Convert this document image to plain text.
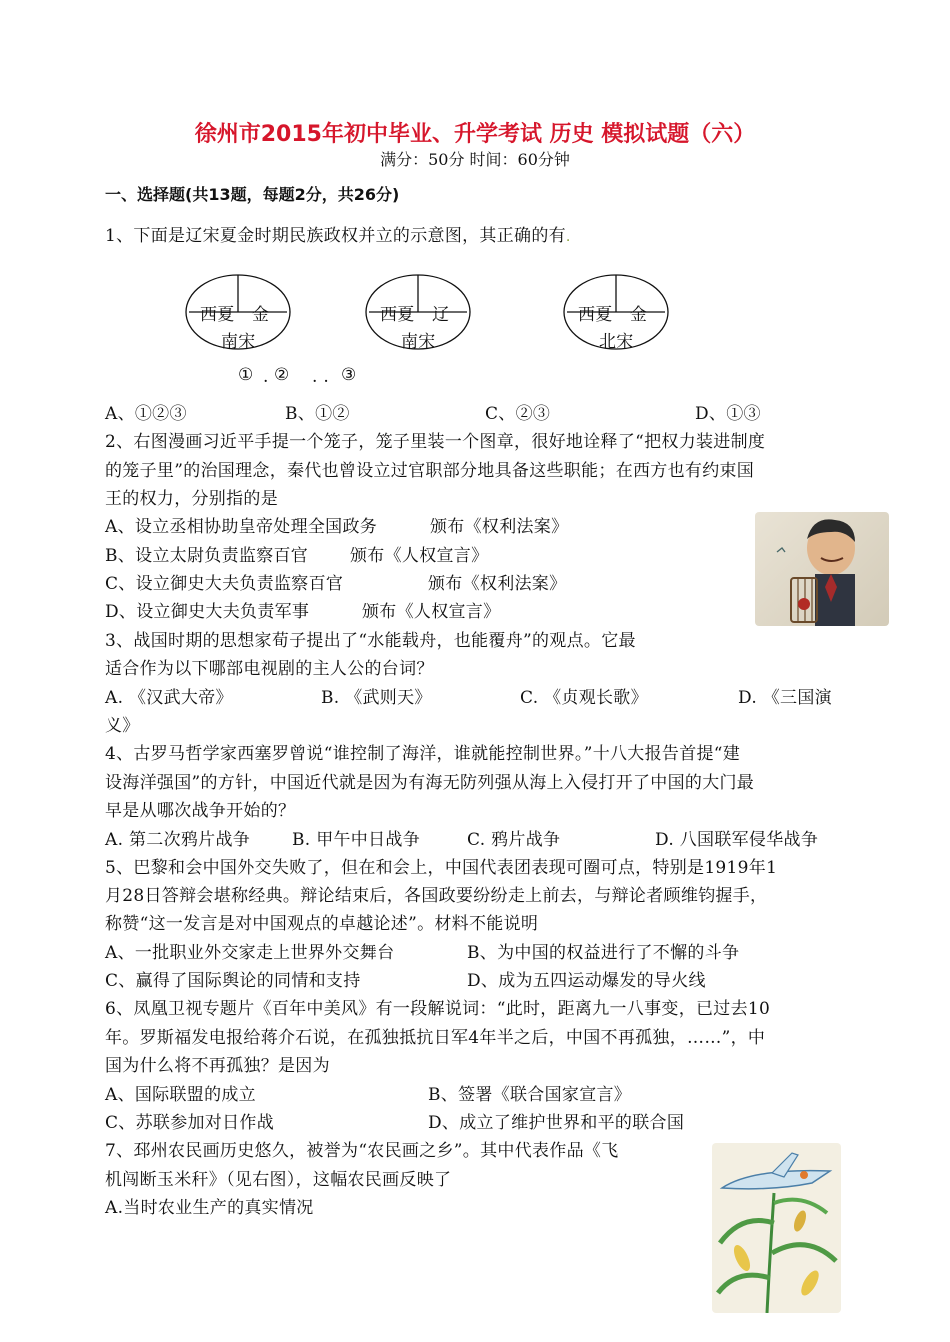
徐州市2015年初中毕业、升学考试 历史 模拟试题（六）
满分：50分 时间：60分钟
一、选择题(共13题，每题2分，共26分)
1、下面是辽宋夏金时期民族政权并立的示意图，其正确的有.
西夏 金
南宋
西夏 辽
南宋
西夏 金
北宋
① . ② . . ③
A、①②③	B、①②	C、②③	D、①③
2、右图漫画习近平手提一个笼子，笼子里装一个图章，很好地诠释了“把权力装进制度
的笼子里”的治国理念，秦代也曾设立过官职部分地具备这些职能；在西方也有约束国
王的权力，分别指的是
A、设立丞相协助皇帝处理全国政务	颁布《权利法案》
B、设立太尉负责监察百官 颁布《人权宣言》
C、设立御史大夫负责监察百官	颁布《权利法案》
D、设立御史大夫负责军事	颁布《人权宣言》
3、战国时期的思想家荀子提出了“水能载舟，也能覆舟”的观点。它最
适合作为以下哪部电视剧的主人公的台词？
A. 《汉武大帝》	B. 《武则天》	C. 《贞观长歌》	D. 《三国演
义》
4、古罗马哲学家西塞罗曾说“谁控制了海洋，谁就能控制世界。”十八大报告首提“建
设海洋强国”的方针，中国近代就是因为有海无防列强从海上入侵打开了中国的大门最
早是从哪次战争开始的？
A. 第二次鸦片战争 B. 甲午中日战争	C. 鸦片战争	D. 八国联军侵华战争
5、巴黎和会中国外交失败了，但在和会上，中国代表团表现可圈可点，特别是1919年1
月28日答辩会堪称经典。辩论结束后，各国政要纷纷走上前去，与辩论者顾维钧握手，
称赞“这一发言是对中国观点的卓越论述”。材料不能说明
A、一批职业外交家走上世界外交舞台	B、为中国的权益进行了不懈的斗争
C、赢得了国际舆论的同情和支持	D、成为五四运动爆发的导火线
6、凤凰卫视专题片《百年中美风》有一段解说词：“此时，距离九一八事变，已过去10
年。罗斯福发电报给蒋介石说，在孤独抵抗日军4年半之后，中国不再孤独，……”，中
国为什么将不再孤独？是因为
A、国际联盟的成立	B、签署《联合国家宣言》
C、苏联参加对日作战	D、成立了维护世界和平的联合国
7、邳州农民画历史悠久，被誉为“农民画之乡”。其中代表作品《飞
机闯断玉米秆》（见右图），这幅农民画反映了
A.当时农业生产的真实情况
